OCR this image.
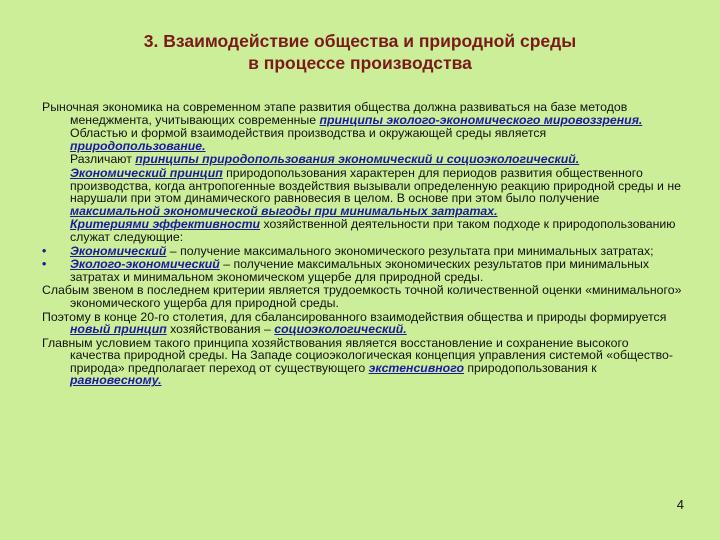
3. Взаимодействие общества и природной среды
в процессе производства

Рыночная экономика на современном этапе развития общества должна развиваться на базе методов менеджмента, учитывающих современные принципы эколого-экономического мировоззрения.

Областью и формой взаимодействия производства и окружающей среды является природопользование.

Различают принципы природопользования экономический и социоэкологический.

Экономический принцип природопользования характерен для периодов развития общественного производства, когда антропогенные воздействия вызывали определенную реакцию природной среды и не нарушали при этом динамического равновесия в целом. В основе при этом было получение максимальной экономической выгоды при минимальных затратах.

Критериями эффективности хозяйственной деятельности при таком подходе к природопользованию служат следующие:

• Экономический – получение максимального экономического результата при минимальных затратах;
• Эколого-экономический – получение максимальных экономических результатов при минимальных затратах и минимальном экономическом ущербе для природной среды.

Слабым звеном в последнем критерии является трудоемкость точной количественной оценки «минимального» экономического ущерба для природной среды.

Поэтому в конце 20-го столетия, для сбалансированного взаимодействия общества и природы формируется новый принцип хозяйствования – социоэкологический.

Главным условием такого принципа хозяйствования является восстановление и сохранение высокого качества природной среды. На Западе социоэкологическая концепция управления системой «общество-природа» предполагает переход от существующего экстенсивного природопользования к равновесному.

4
